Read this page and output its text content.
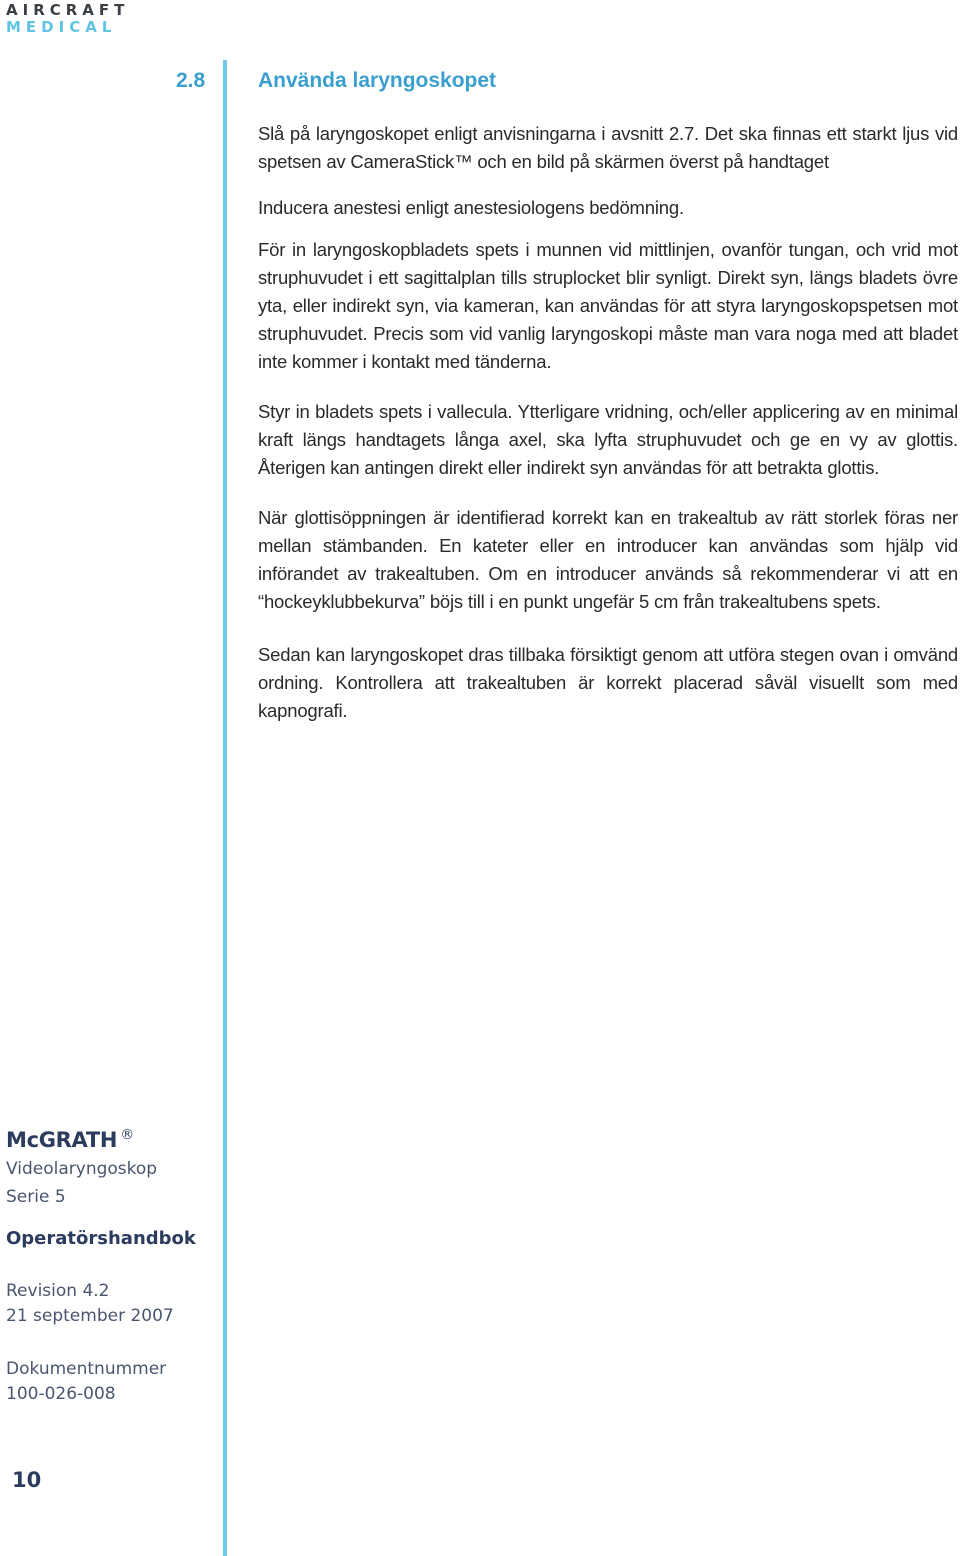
AIRCRAFT
MEDICAL
2.8	Använda laryngoskopet

Slå på laryngoskopet enligt anvisningarna i avsnitt 2.7. Det ska finnas ett starkt ljus vid spetsen av CameraStick™ och en bild på skärmen överst på handtaget

Inducera anestesi enligt anestesiologens bedömning.

För in laryngoskopbladets spets i munnen vid mittlinjen, ovanför tungan, och vrid mot struphuvudet i ett sagittalplan tills struplocket blir synligt. Direkt syn, längs bladets övre yta, eller indirekt syn, via kameran, kan användas för att styra laryngoskopspetsen mot struphuvudet. Precis som vid vanlig laryngoskopi måste man vara noga med att bladet inte kommer i kontakt med tänderna.

Styr in bladets spets i vallecula. Ytterligare vridning, och/eller applicering av en minimal kraft längs handtagets långa axel, ska lyfta struphuvudet och ge en vy av glottis. Återigen kan antingen direkt eller indirekt syn användas för att betrakta glottis.

När glottisöppningen är identifierad korrekt kan en trakealtub av rätt storlek föras ner mellan stämbanden. En kateter eller en introducer kan användas som hjälp vid införandet av trakealtuben. Om en introducer används så rekommenderar vi att en “hockeyklubbekurva” böjs till i en punkt ungefär 5 cm från trakealtubens spets.

Sedan kan laryngoskopet dras tillbaka försiktigt genom att utföra stegen ovan i omvänd ordning. Kontrollera att trakealtuben är korrekt placerad såväl visuellt som med kapnografi.

McGRATH ®
Videolaryngoskop
Serie 5
Operatörshandbok
Revision 4.2
21 september 2007
Dokumentnummer
100-026-008
10
